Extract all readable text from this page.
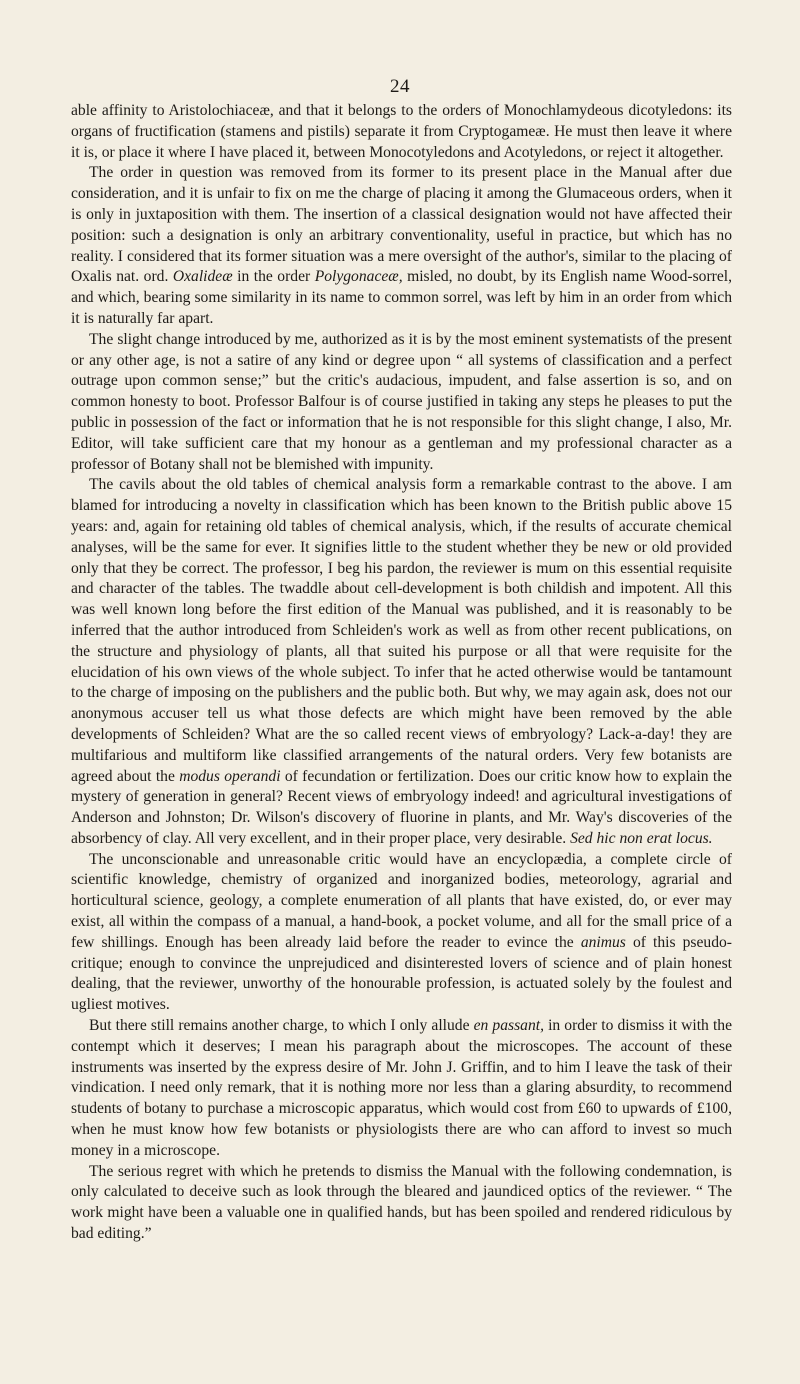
24

able affinity to Aristolochiaceæ, and that it belongs to the orders of Monochlamydeous dicotyledons: its organs of fructification (stamens and pistils) separate it from Cryptogameæ. He must then leave it where it is, or place it where I have placed it, between Monocotyledons and Acotyledons, or reject it altogether.

The order in question was removed from its former to its present place in the Manual after due consideration, and it is unfair to fix on me the charge of placing it among the Glumaceous orders, when it is only in juxtaposition with them. The insertion of a classical designation would not have affected their position: such a designation is only an arbitrary conventionality, useful in practice, but which has no reality. I considered that its former situation was a mere oversight of the author's, similar to the placing of Oxalis nat. ord. Oxalideæ in the order Polygonaceæ, misled, no doubt, by its English name Wood-sorrel, and which, bearing some similarity in its name to common sorrel, was left by him in an order from which it is naturally far apart.

The slight change introduced by me, authorized as it is by the most eminent systematists of the present or any other age, is not a satire of any kind or degree upon “ all systems of classification and a perfect outrage upon common sense;” but the critic's audacious, impudent, and false assertion is so, and on common honesty to boot. Professor Balfour is of course justified in taking any steps he pleases to put the public in possession of the fact or information that he is not responsible for this slight change, I also, Mr. Editor, will take sufficient care that my honour as a gentleman and my professional character as a professor of Botany shall not be blemished with impunity.

The cavils about the old tables of chemical analysis form a remarkable contrast to the above. I am blamed for introducing a novelty in classification which has been known to the British public above 15 years: and, again for retaining old tables of chemical analysis, which, if the results of accurate chemical analyses, will be the same for ever. It signifies little to the student whether they be new or old provided only that they be correct. The professor, I beg his pardon, the reviewer is mum on this essential requisite and character of the tables. The twaddle about cell-development is both childish and impotent. All this was well known long before the first edition of the Manual was published, and it is reasonably to be inferred that the author introduced from Schleiden's work as well as from other recent publications, on the structure and physiology of plants, all that suited his purpose or all that were requisite for the elucidation of his own views of the whole subject. To infer that he acted otherwise would be tantamount to the charge of imposing on the publishers and the public both. But why, we may again ask, does not our anonymous accuser tell us what those defects are which might have been removed by the able developments of Schleiden? What are the so called recent views of embryology? Lack-a-day! they are multifarious and multiform like classified arrangements of the natural orders. Very few botanists are agreed about the modus operandi of fecundation or fertilization. Does our critic know how to explain the mystery of generation in general? Recent views of embryology indeed! and agricultural investigations of Anderson and Johnston; Dr. Wilson's discovery of fluorine in plants, and Mr. Way's discoveries of the absorbency of clay. All very excellent, and in their proper place, very desirable. Sed hic non erat locus.

The unconscionable and unreasonable critic would have an encyclopædia, a complete circle of scientific knowledge, chemistry of organized and inorganized bodies, meteorology, agrarial and horticultural science, geology, a complete enumeration of all plants that have existed, do, or ever may exist, all within the compass of a manual, a hand-book, a pocket volume, and all for the small price of a few shillings. Enough has been already laid before the reader to evince the animus of this pseudo-critique; enough to convince the unprejudiced and disinterested lovers of science and of plain honest dealing, that the reviewer, unworthy of the honourable profession, is actuated solely by the foulest and ugliest motives.

But there still remains another charge, to which I only allude en passant, in order to dismiss it with the contempt which it deserves; I mean his paragraph about the microscopes. The account of these instruments was inserted by the express desire of Mr. John J. Griffin, and to him I leave the task of their vindication. I need only remark, that it is nothing more nor less than a glaring absurdity, to recommend students of botany to purchase a microscopic apparatus, which would cost from £60 to upwards of £100, when he must know how few botanists or physiologists there are who can afford to invest so much money in a microscope.

The serious regret with which he pretends to dismiss the Manual with the following condemnation, is only calculated to deceive such as look through the bleared and jaundiced optics of the reviewer. “ The work might have been a valuable one in qualified hands, but has been spoiled and rendered ridiculous by bad editing.”
